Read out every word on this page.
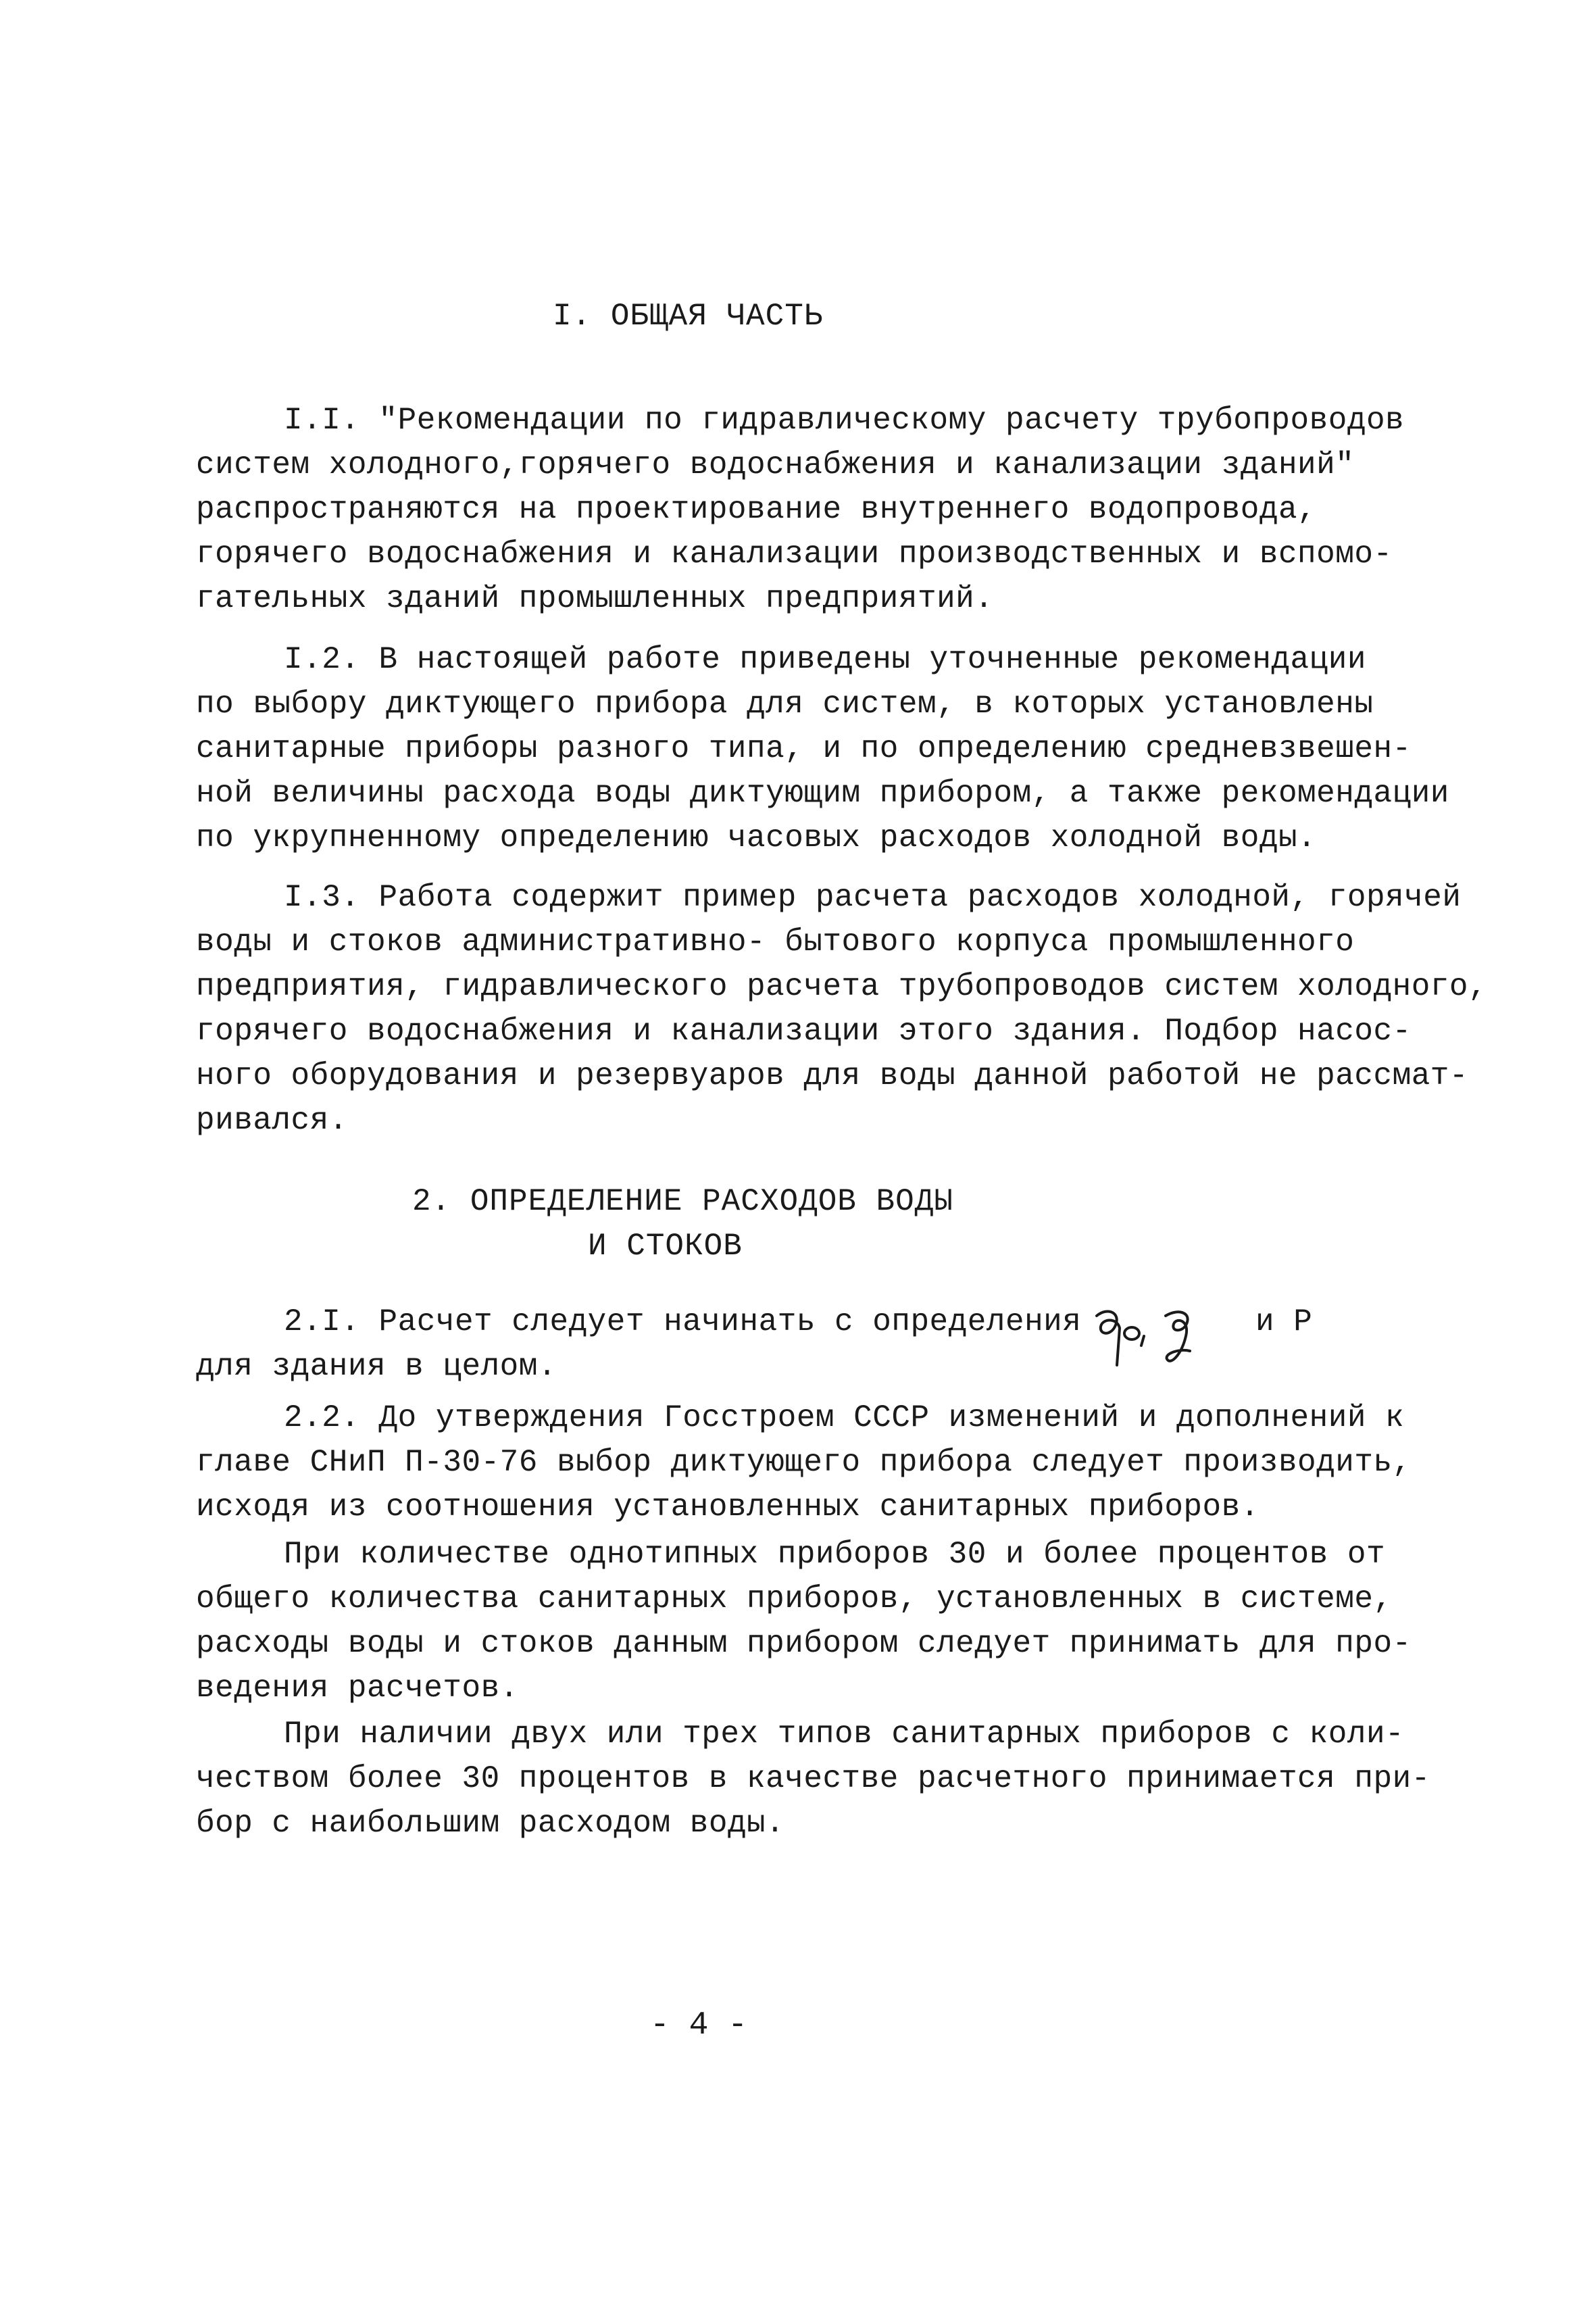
I. ОБЩАЯ ЧАСТЬ
I.I. "Рекомендации по гидравлическому расчету трубопроводов
систем холодного,горячего водоснабжения и канализации зданий"
распространяются на проектирование внутреннего водопровода,
горячего водоснабжения и канализации производственных и вспомо-
гательных зданий промышленных предприятий.
I.2. В настоящей работе приведены уточненные рекомендации
по выбору диктующего прибора для систем, в которых установлены
санитарные приборы разного типа, и по определению средневзвешен-
ной величины расхода воды диктующим прибором, а также рекомендации
по укрупненному определению часовых расходов холодной воды.
I.3. Работа содержит пример расчета расходов холодной, горячей
воды и стоков административно- бытового корпуса промышленного
предприятия, гидравлического расчета трубопроводов систем холодного,
горячего водоснабжения и канализации этого здания. Подбор насос-
ного оборудования и резервуаров для воды данной работой не рассмат-
ривался.
2. ОПРЕДЕЛЕНИЕ РАСХОДОВ ВОДЫ
И СТОКОВ
2.I. Расчет следует начинать с определения	и Р
для здания в целом.
2.2. До утверждения Госстроем СССР изменений и дополнений к
главе СНиП П-30-76 выбор диктующего прибора следует производить,
исходя из соотношения установленных санитарных приборов.
При количестве однотипных приборов 30 и более процентов от
общего количества санитарных приборов, установленных в системе,
расходы воды и стоков данным прибором следует принимать для про-
ведения расчетов.
При наличии двух или трех типов санитарных приборов с коли-
чеством более 30 процентов в качестве расчетного принимается при-
бор с наибольшим расходом воды.
- 4 -
